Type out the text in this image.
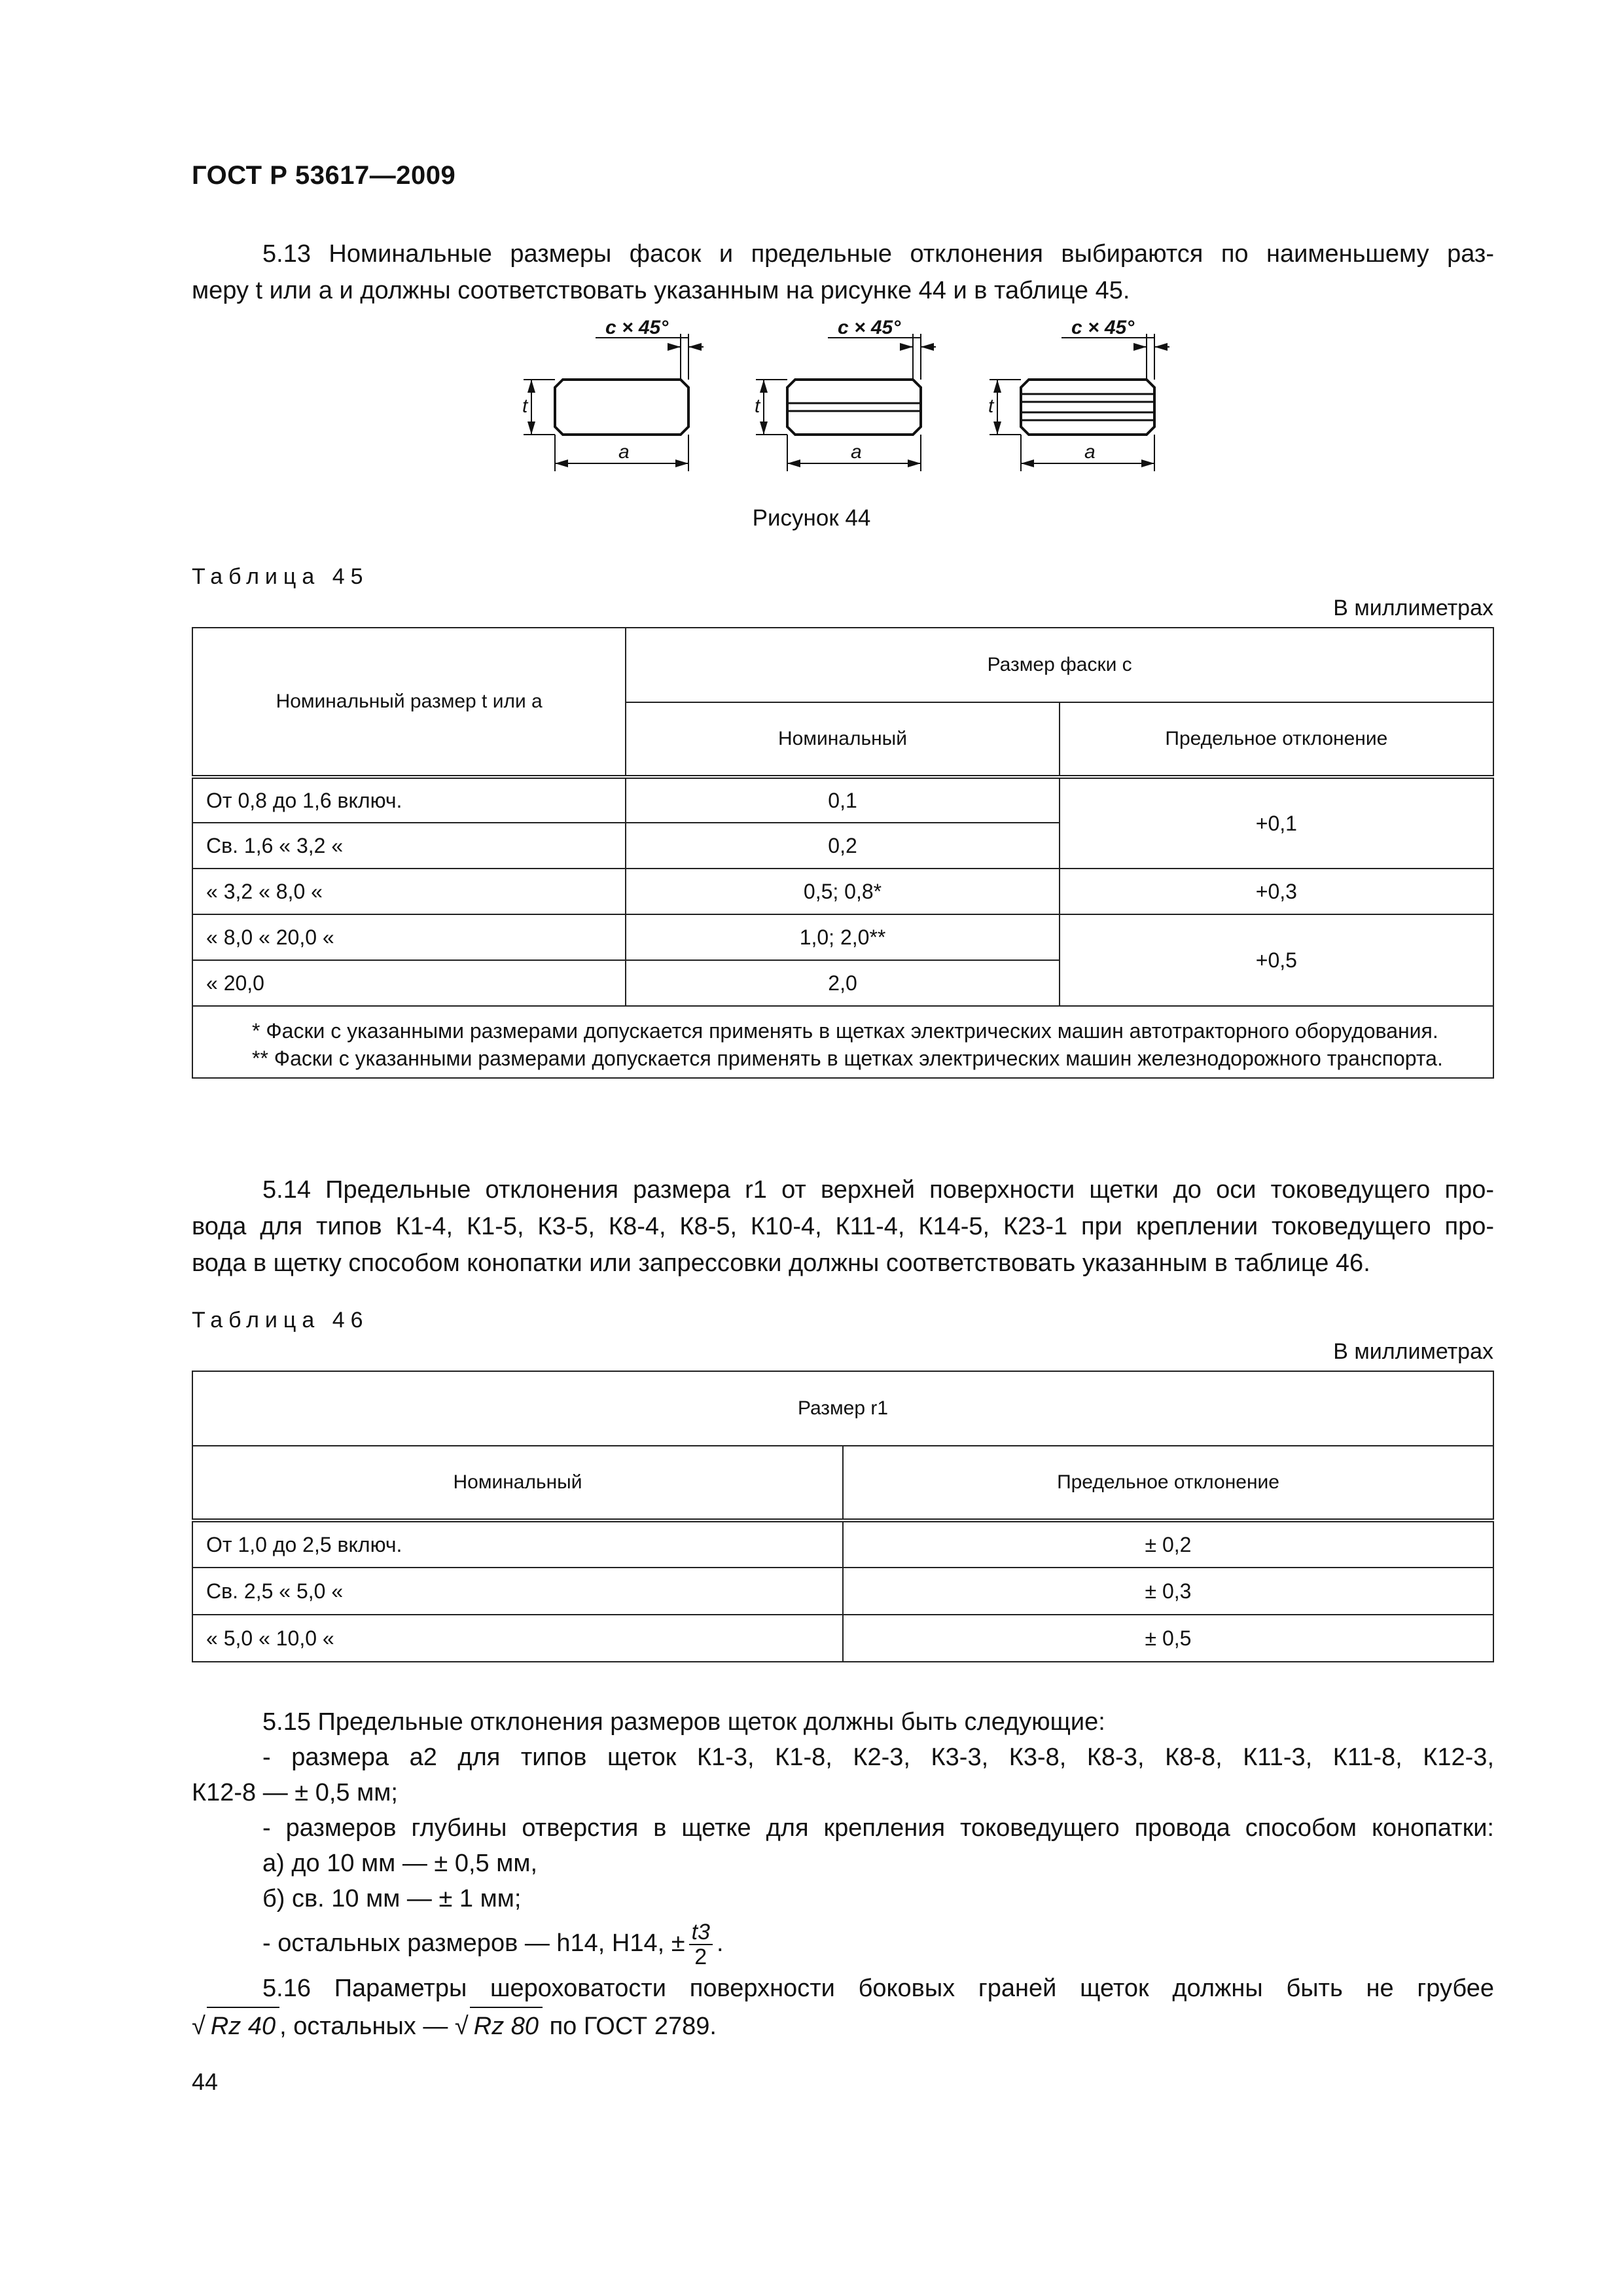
ГОСТ Р 53617—2009
5.13 Номинальные размеры фасок и предельные отклонения выбираются по наименьшему раз-
меру t или a и должны соответствовать указанным на рисунке 44 и в таблице 45.
c × 45°
t
a
c × 45°
t
a
c × 45°
t
a
Рисунок 44
Таблица 45
В миллиметрах
Номинальный размер t или a	Размер фаски c	
	Номинальный	Предельное отклонение
От 0,8 до 1,6 включ.	0,1	+0,1
Св. 1,6 « 3,2 «	0,2	
« 3,2 « 8,0 «	0,5; 0,8*	+0,3
« 8,0 « 20,0 «	1,0; 2,0**	+0,5
« 20,0	2,0	

* Фаски с указанными размерами допускается применять в щетках электрических машин автотракторного оборудования.

** Фаски с указанными размерами допускается применять в щетках электрических машин железнодорожного транспорта.		

5.14 Предельные отклонения размера r1 от верхней поверхности щетки до оси токоведущего про-
вода для типов К1-4, К1-5, К3-5, К8-4, К8-5, К10-4, К11-4, К14-5, К23-1 при креплении токоведущего про-
вода в щетку способом конопатки или запрессовки должны соответствовать указанным в таблице 46.
Таблица 46
В миллиметрах
Размер r1	
Номинальный	Предельное отклонение
От 1,0 до 2,5 включ.	± 0,2
Св. 2,5 « 5,0 «	± 0,3
« 5,0 « 10,0 «	± 0,5
5.15 Предельные отклонения размеров щеток должны быть следующие:
- размера a2 для типов щеток К1-3, К1-8, К2-3, К3-3, К3-8, К8-3, К8-8, К11-3, К11-8, К12-3,
К12-8 — ± 0,5 мм;
- размеров глубины отверстия в щетке для крепления токоведущего провода способом конопатки:
а) до 10 мм — ± 0,5 мм,
б) св. 10 мм — ± 1 мм;
- остальных размеров — h14, H14, ± $\frac{t3}{2}$ .
5.16 Параметры шероховатости поверхности боковых граней щеток должны быть не грубее
√ Rz 40 , остальных — √ Rz 80 по ГОСТ 2789.
44
